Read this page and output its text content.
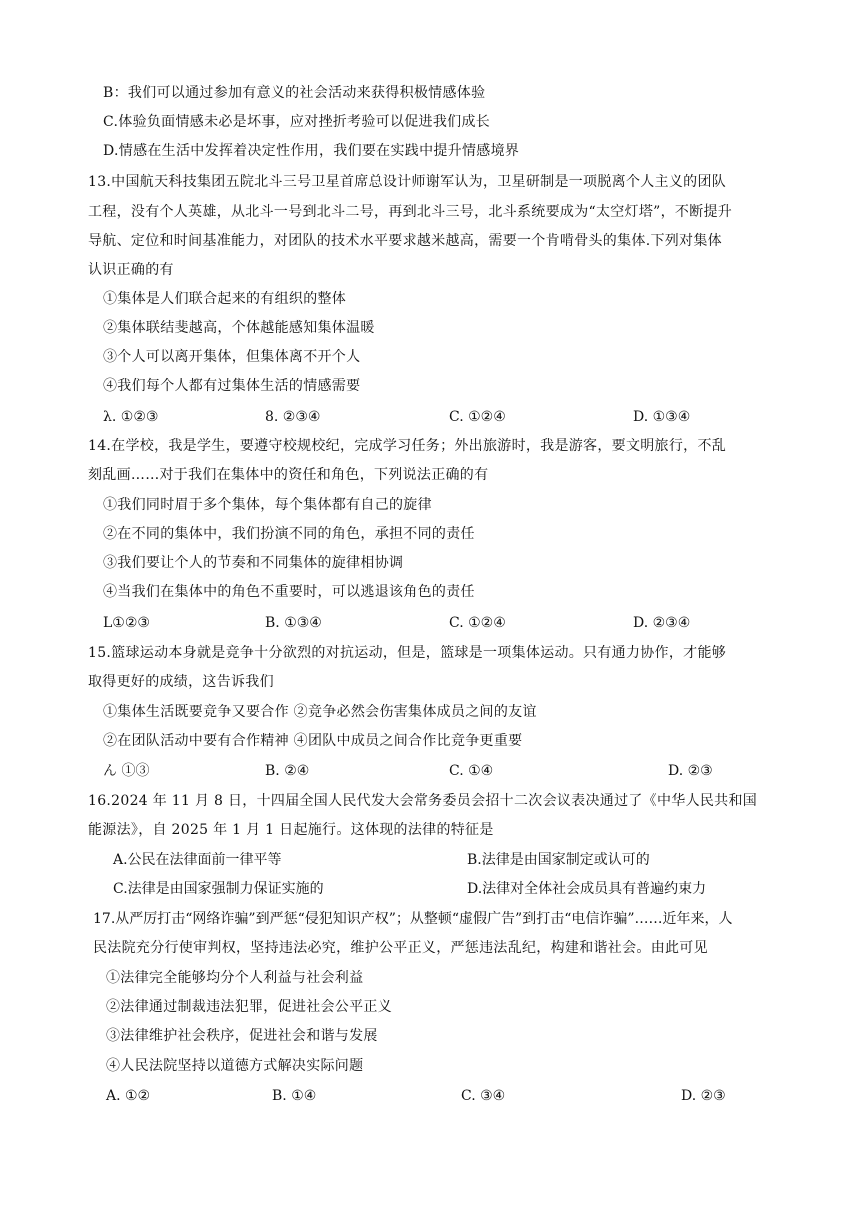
B：我们可以通过参加有意义的社会活动来获得积极情感体验
C.体验负面情感未必是坏事，应对挫折考验可以促进我们成长
D.情感在生活中发挥着决定性作用，我们要在实践中提升情感境界
13.中国航天科技集团五院北斗三号卫星首席总设计师谢军认为，卫星研制是一项脱离个人主义的团队
工程，没有个人英雄，从北斗一号到北斗二号，再到北斗三号，北斗系统要成为“太空灯塔”，不断提升
导航、定位和时间基准能力，对团队的技术水平要求越米越高，需要一个肯啃骨头的集体.下列对集体
认识正确的有
①集体是人们联合起来的有组织的整体
②集体联结斐越高，个体越能感知集体温暖
③个人可以离开集体，但集体离不开个人
④我们每个人都有过集体生活的情感需要
λ. ①②③	8. ②③④	C. ①②④	D. ①③④
14.在学校，我是学生，要遵守校规校纪，完成学习任务；外出旅游时，我是游客，要文明旅行，不乱
刻乱画……对于我们在集体中的资任和角色，下列说法正确的有
①我们同时眉于多个集体，每个集体都有自己的旋律
②在不同的集体中，我们扮演不同的角色，承担不同的责任
③我们要让个人的节奏和不同集体的旋律相协调
④当我们在集体中的角色不重要时，可以逃退该角色的责任
L①②③	B. ①③④	C. ①②④	D. ②③④
15.篮球运动本身就是竞争十分欲烈的对抗运动，但是，篮球是一项集体运动。只有通力协作，才能够
取得更好的成绩，这告诉我们
①集体生活既要竞争又要合作 ②竞争必然会伤害集体成员之间的友谊
②在团队活动中要有合作精神 ④团队中成员之间合作比竞争更重要
ん ①③	B. ②④	C. ①④	D. ②③
16.2024 年 11 月 8 日，十四届全国人民代发大会常务委员会招十二次会议表决通过了《中华人民共和国
能源法》，自 2025 年 1 月 1 日起施行。这体现的法律的特征是
A.公民在法律面前一律平等	B.法律是由国家制定或认可的
C.法律是由国家强制力保证实施的	D.法律对全体社会成员具有普遍约束力
17.从严厉打击“网络诈骗”到严惩“侵犯知识产权”；从整顿“虚假广告”到打击“电信诈骗”……近年来，人
民法院充分行使审判权，坚持违法必究，维护公平正义，严惩违法乱纪，构建和谐社会。由此可见
①法律完全能够均分个人利益与社会利益
②法律通过制裁违法犯罪，促进社会公平正义
③法律维护社会秩序，促进社会和谐与发展
④人民法院坚持以道德方式解决实际问题
A. ①②	B. ①④	C. ③④	D. ②③
